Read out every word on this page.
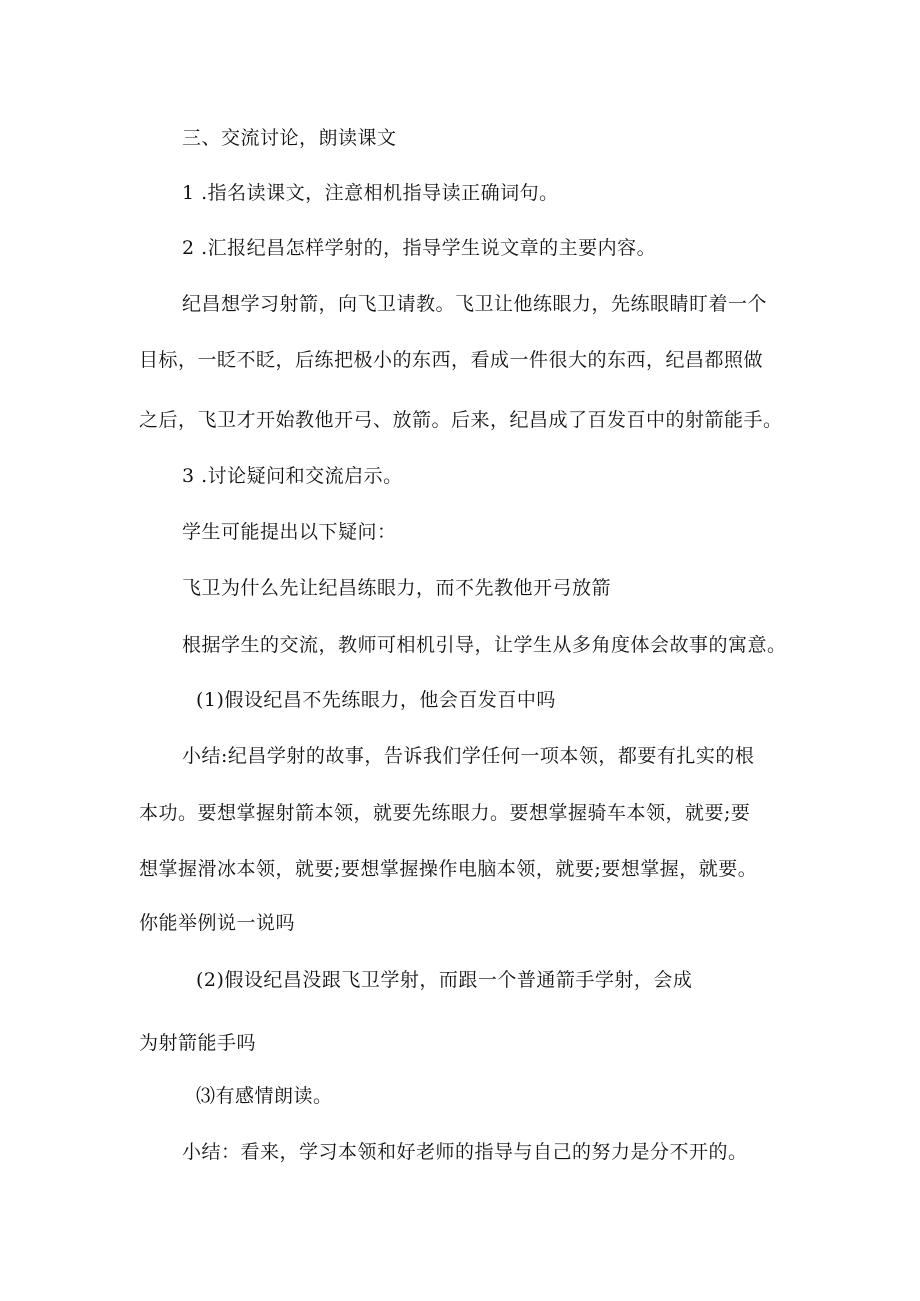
三、交流讨论，朗读课文
1 .指名读课文，注意相机指导读正确词句。
2 .汇报纪昌怎样学射的，指导学生说文章的主要内容。
纪昌想学习射箭，向飞卫请教。飞卫让他练眼力，先练眼睛盯着一个
目标，一眨不眨，后练把极小的东西，看成一件很大的东西，纪昌都照做
之后，飞卫才开始教他开弓、放箭。后来，纪昌成了百发百中的射箭能手。
3 .讨论疑问和交流启示。
学生可能提出以下疑问：
飞卫为什么先让纪昌练眼力，而不先教他开弓放箭
根据学生的交流，教师可相机引导，让学生从多角度体会故事的寓意。
(1)假设纪昌不先练眼力，他会百发百中吗
小结:纪昌学射的故事，告诉我们学任何一项本领，都要有扎实的根
本功。要想掌握射箭本领，就要先练眼力。要想掌握骑车本领，就要;要
想掌握滑冰本领，就要;要想掌握操作电脑本领，就要;要想掌握，就要。
你能举例说一说吗
(2)假设纪昌没跟飞卫学射，而跟一个普通箭手学射，会成
为射箭能手吗
⑶有感情朗读。
小结：看来，学习本领和好老师的指导与自己的努力是分不开的。
